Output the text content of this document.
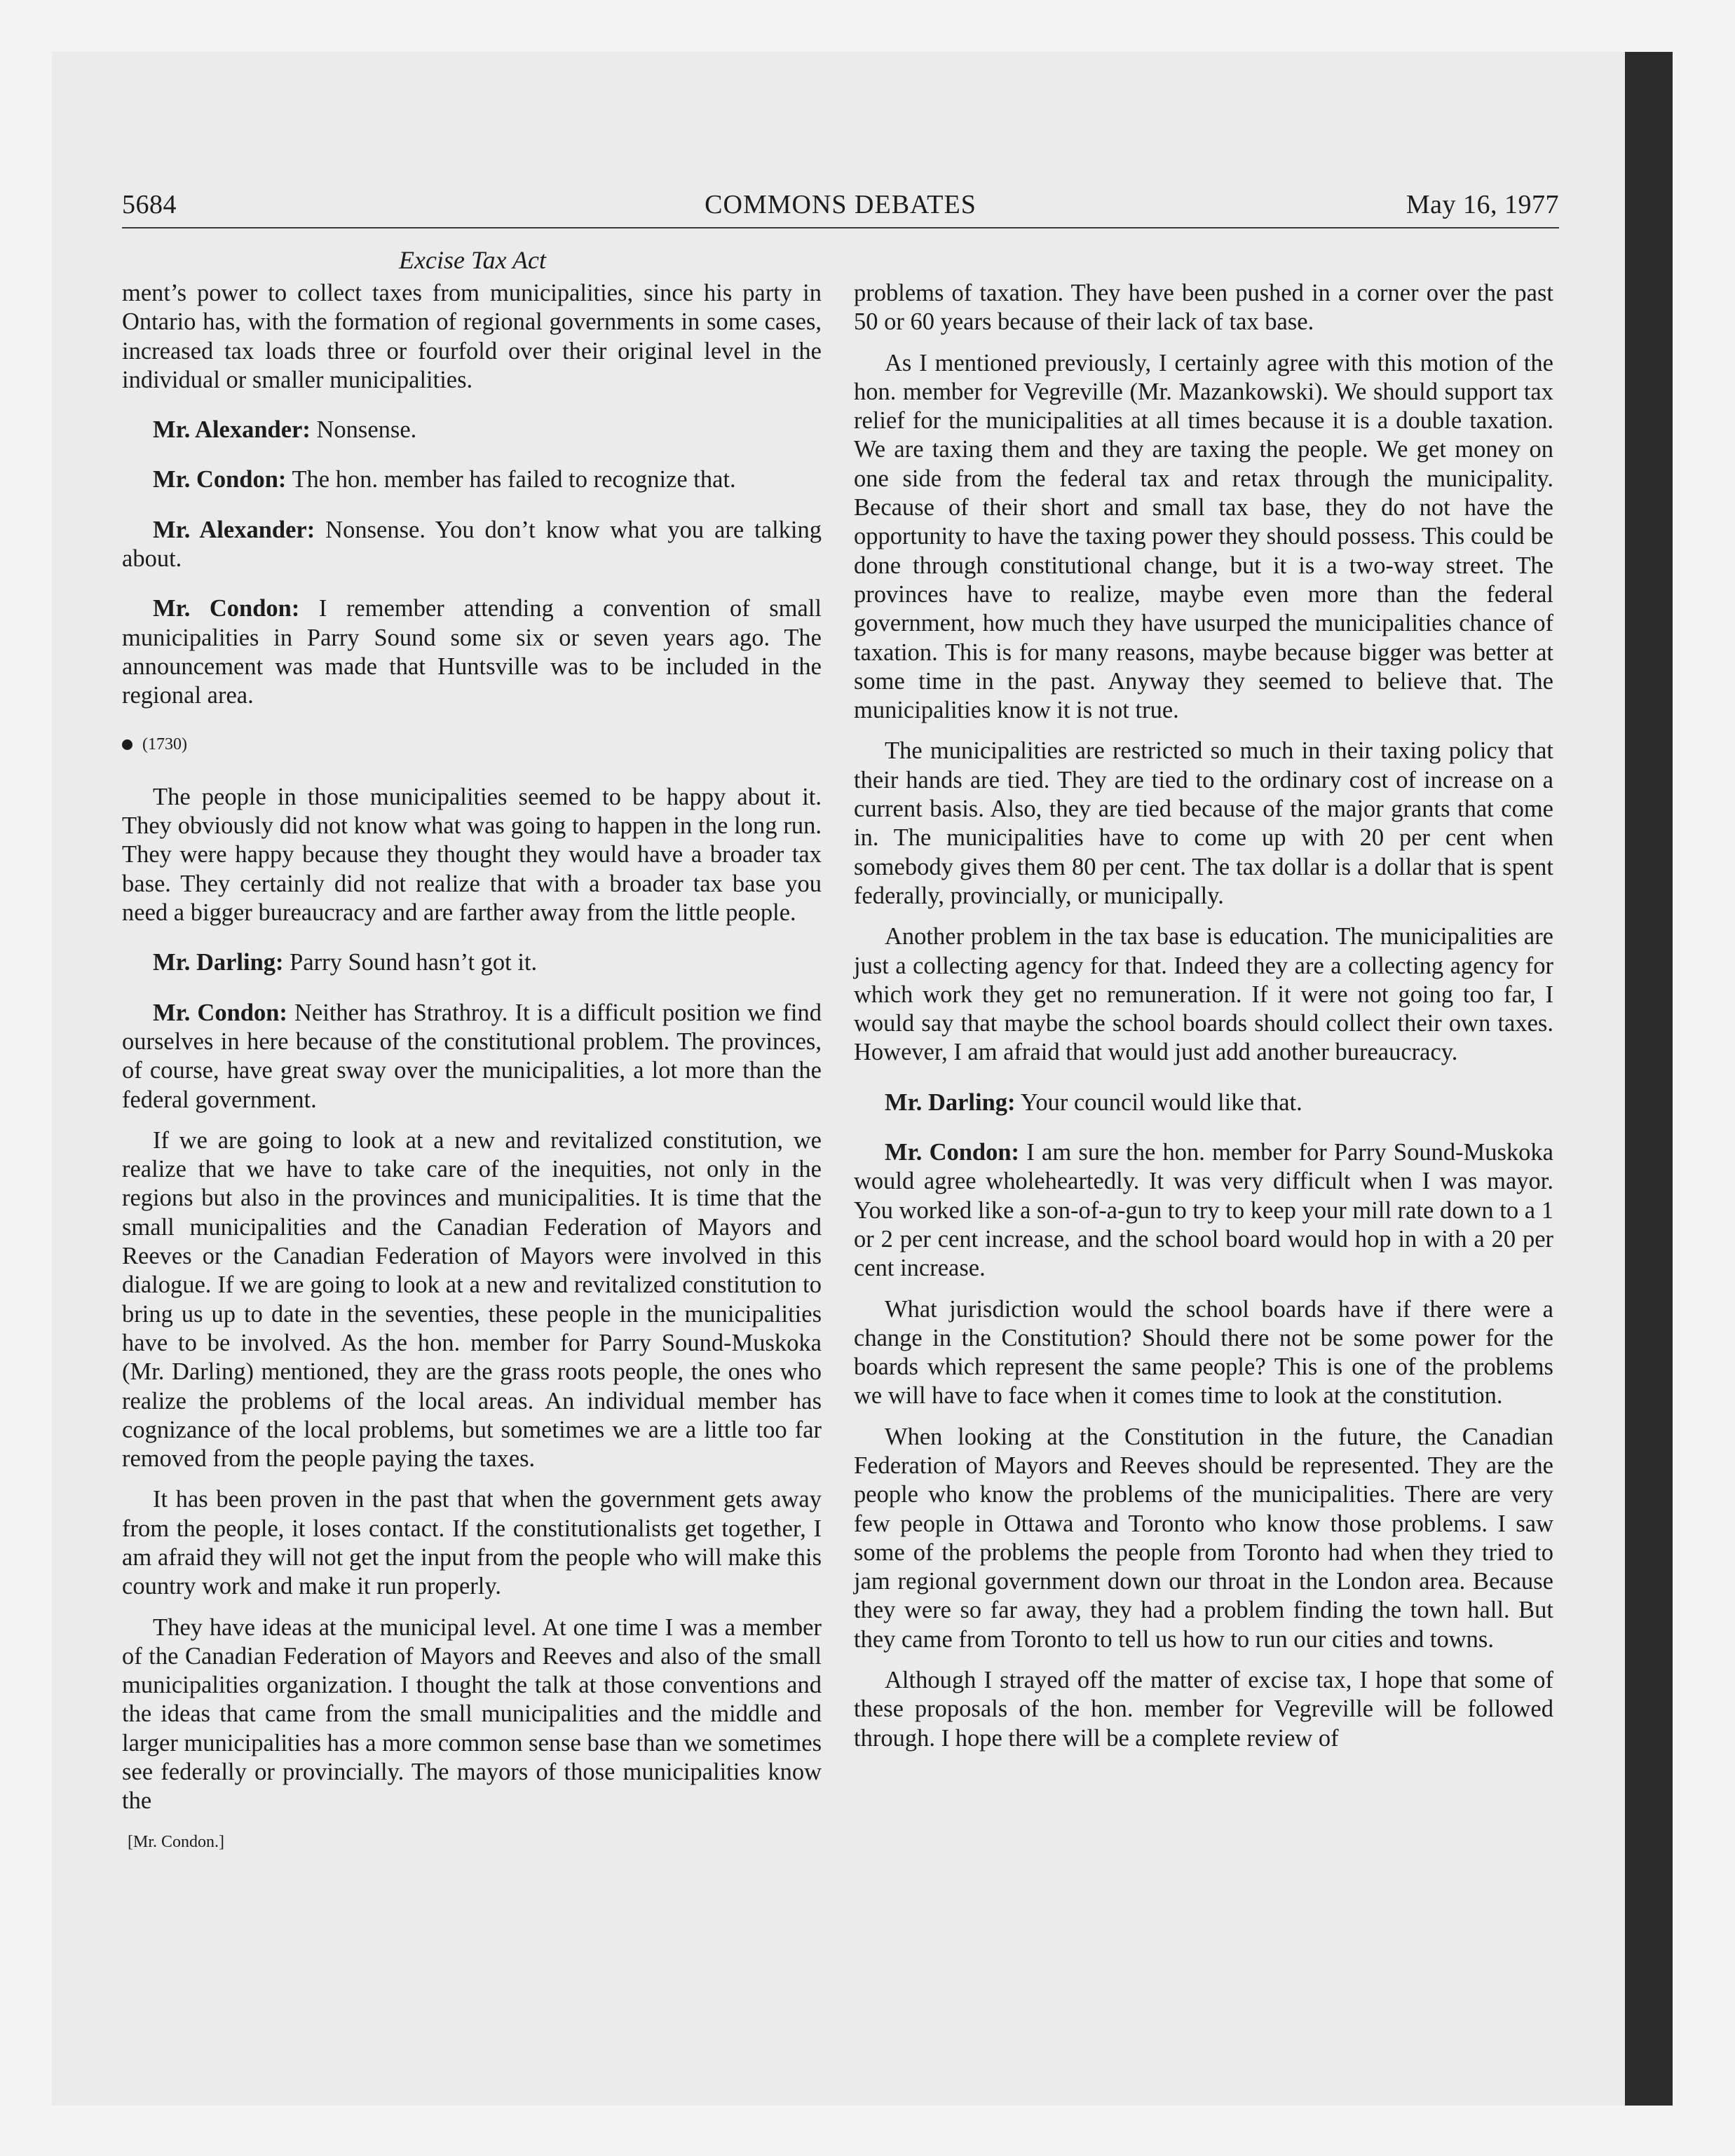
5684	COMMONS DEBATES	May 16, 1977
Excise Tax Act

ment’s power to collect taxes from municipalities, since his party in Ontario has, with the formation of regional governments in some cases, increased tax loads three or fourfold over their original level in the individual or smaller municipalities.

Mr. Alexander: Nonsense.

Mr. Condon: The hon. member has failed to recognize that.

Mr. Alexander: Nonsense. You don’t know what you are talking about.

Mr. Condon: I remember attending a convention of small municipalities in Parry Sound some six or seven years ago. The announcement was made that Huntsville was to be included in the regional area.

(1730)

The people in those municipalities seemed to be happy about it. They obviously did not know what was going to happen in the long run. They were happy because they thought they would have a broader tax base. They certainly did not realize that with a broader tax base you need a bigger bureaucracy and are farther away from the little people.

Mr. Darling: Parry Sound hasn’t got it.

Mr. Condon: Neither has Strathroy. It is a difficult position we find ourselves in here because of the constitutional problem. The provinces, of course, have great sway over the municipalities, a lot more than the federal government.

If we are going to look at a new and revitalized constitution, we realize that we have to take care of the inequities, not only in the regions but also in the provinces and municipalities. It is time that the small municipalities and the Canadian Federation of Mayors and Reeves or the Canadian Federation of Mayors were involved in this dialogue. If we are going to look at a new and revitalized constitution to bring us up to date in the seventies, these people in the municipalities have to be involved. As the hon. member for Parry Sound-Muskoka (Mr. Darling) mentioned, they are the grass roots people, the ones who realize the problems of the local areas. An individual member has cognizance of the local problems, but sometimes we are a little too far removed from the people paying the taxes.

It has been proven in the past that when the government gets away from the people, it loses contact. If the constitutionalists get together, I am afraid they will not get the input from the people who will make this country work and make it run properly.

They have ideas at the municipal level. At one time I was a member of the Canadian Federation of Mayors and Reeves and also of the small municipalities organization. I thought the talk at those conventions and the ideas that came from the small municipalities and the middle and larger municipalities has a more common sense base than we sometimes see federally or provincially. The mayors of those municipalities know the

[Mr. Condon.]

problems of taxation. They have been pushed in a corner over the past 50 or 60 years because of their lack of tax base.

As I mentioned previously, I certainly agree with this motion of the hon. member for Vegreville (Mr. Mazankowski). We should support tax relief for the municipalities at all times because it is a double taxation. We are taxing them and they are taxing the people. We get money on one side from the federal tax and retax through the municipality. Because of their short and small tax base, they do not have the opportunity to have the taxing power they should possess. This could be done through constitutional change, but it is a two-way street. The provinces have to realize, maybe even more than the federal government, how much they have usurped the municipalities chance of taxation. This is for many reasons, maybe because bigger was better at some time in the past. Anyway they seemed to believe that. The municipalities know it is not true.

The municipalities are restricted so much in their taxing policy that their hands are tied. They are tied to the ordinary cost of increase on a current basis. Also, they are tied because of the major grants that come in. The municipalities have to come up with 20 per cent when somebody gives them 80 per cent. The tax dollar is a dollar that is spent federally, provincially, or municipally.

Another problem in the tax base is education. The municipalities are just a collecting agency for that. Indeed they are a collecting agency for which work they get no remuneration. If it were not going too far, I would say that maybe the school boards should collect their own taxes. However, I am afraid that would just add another bureaucracy.

Mr. Darling: Your council would like that.

Mr. Condon: I am sure the hon. member for Parry Sound-Muskoka would agree wholeheartedly. It was very difficult when I was mayor. You worked like a son-of-a-gun to try to keep your mill rate down to a 1 or 2 per cent increase, and the school board would hop in with a 20 per cent increase.

What jurisdiction would the school boards have if there were a change in the Constitution? Should there not be some power for the boards which represent the same people? This is one of the problems we will have to face when it comes time to look at the constitution.

When looking at the Constitution in the future, the Canadian Federation of Mayors and Reeves should be represented. They are the people who know the problems of the municipalities. There are very few people in Ottawa and Toronto who know those problems. I saw some of the problems the people from Toronto had when they tried to jam regional government down our throat in the London area. Because they were so far away, they had a problem finding the town hall. But they came from Toronto to tell us how to run our cities and towns.

Although I strayed off the matter of excise tax, I hope that some of these proposals of the hon. member for Vegreville will be followed through. I hope there will be a complete review of
